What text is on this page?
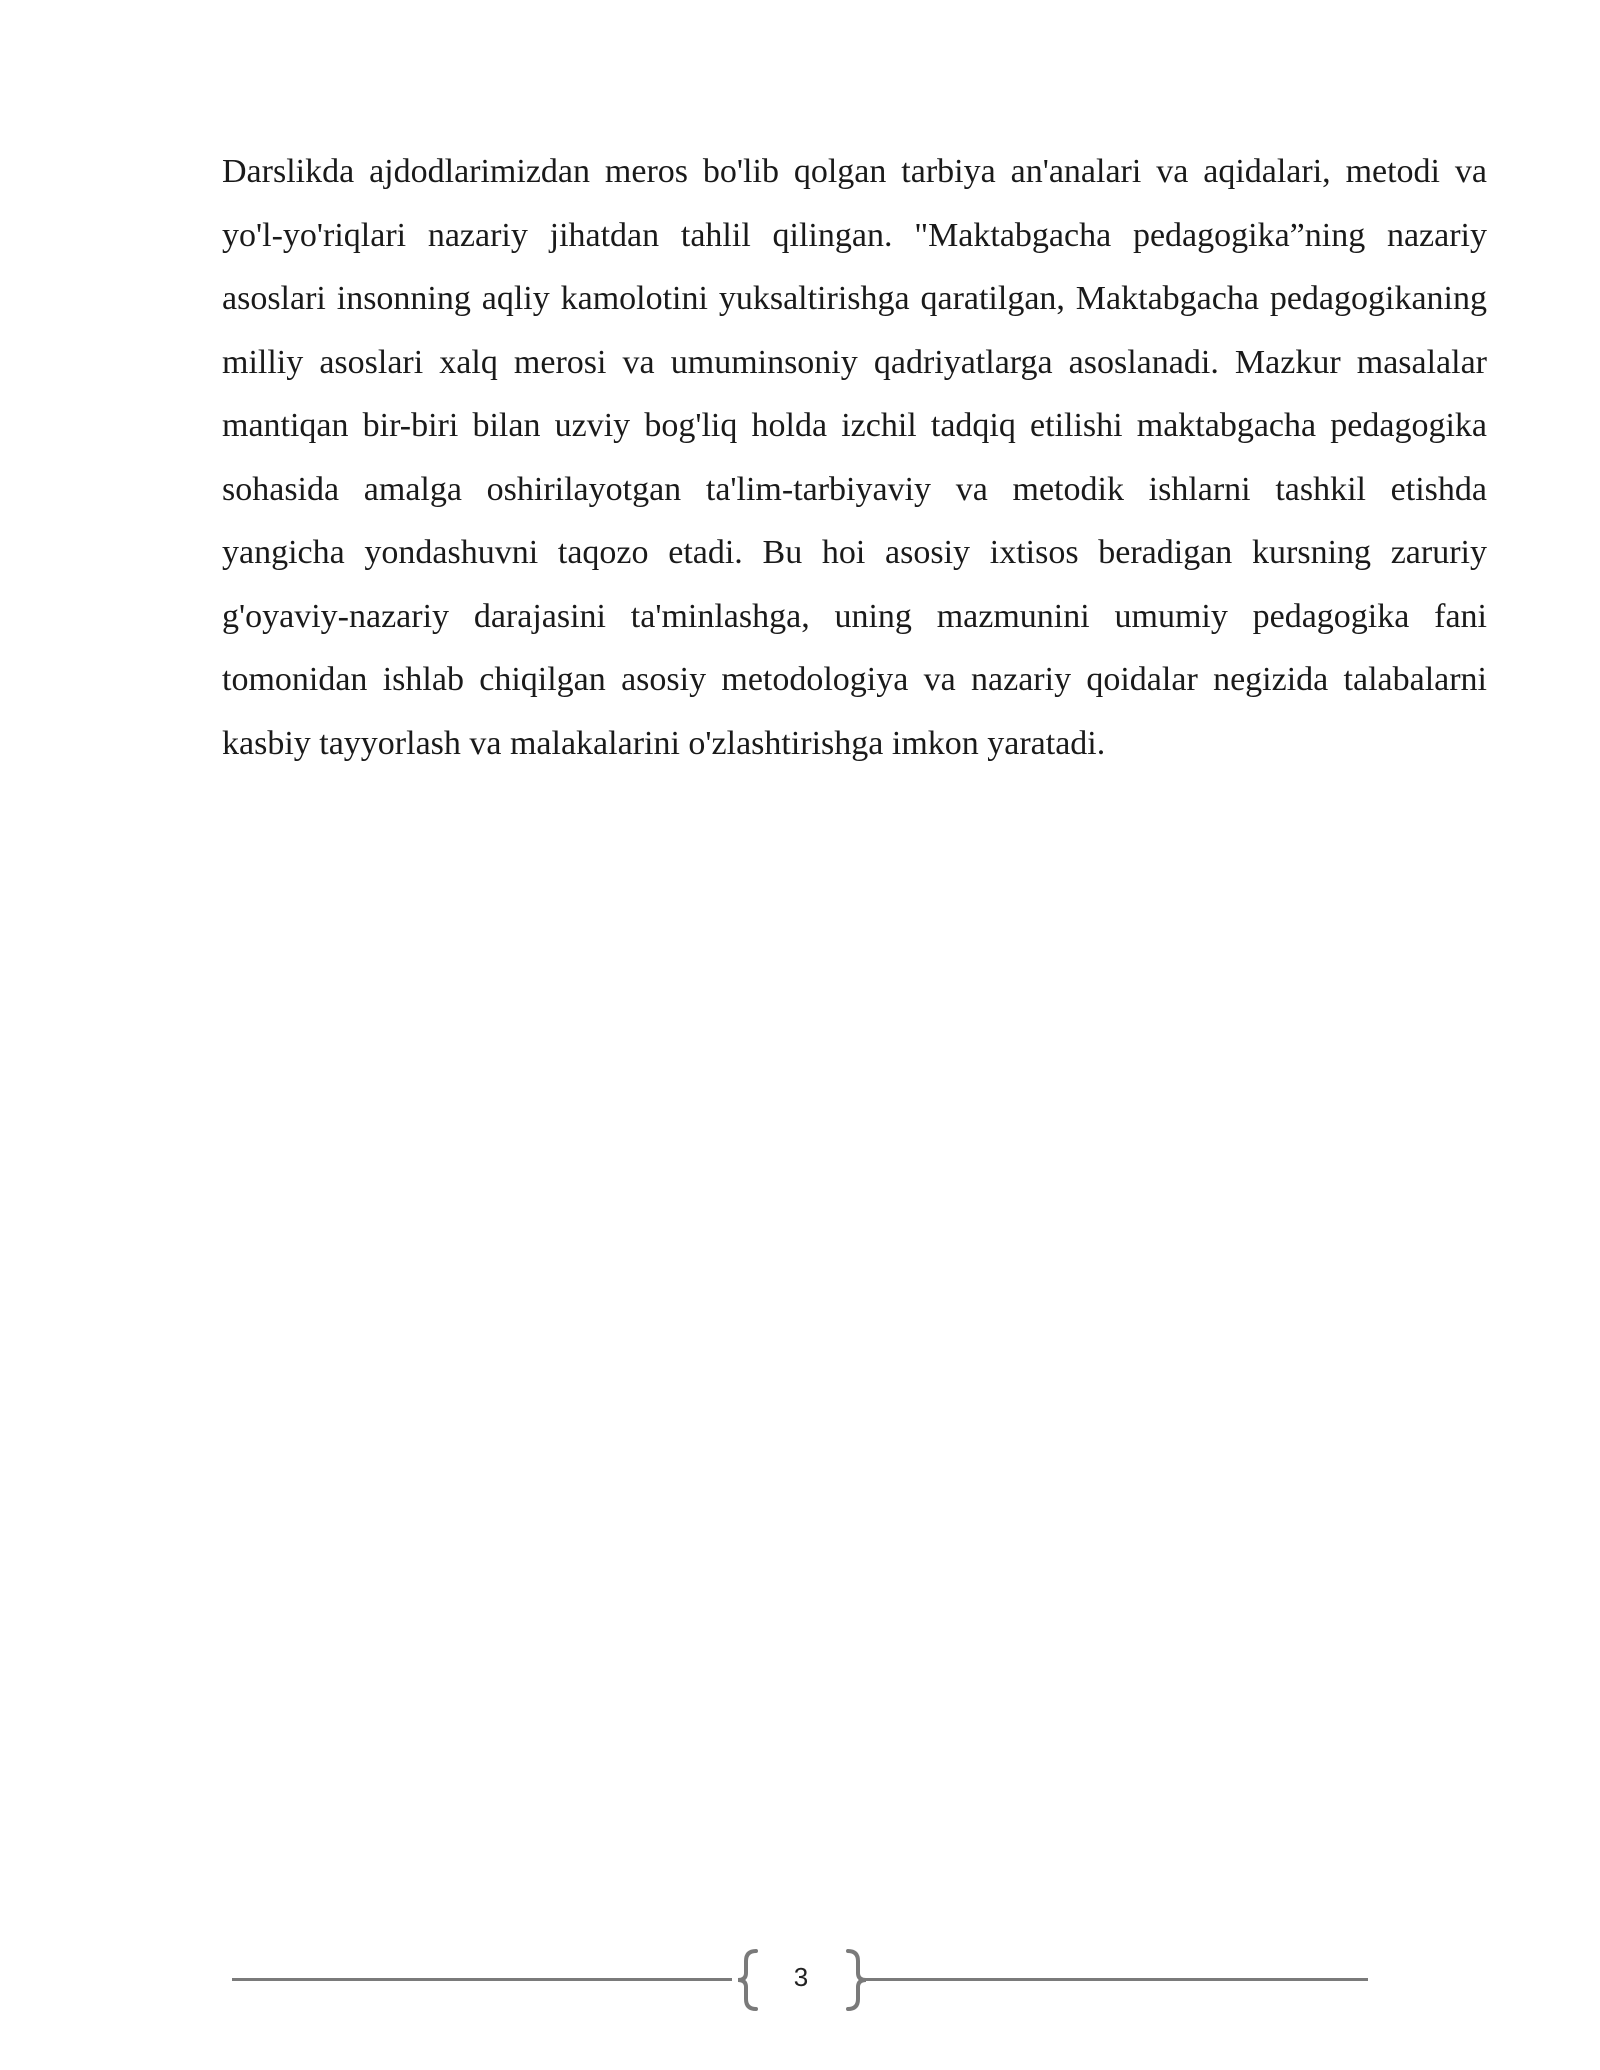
Darslikda ajdodlarimizdan meros bo'lib qolgan tarbiya an'analari va aqidalari, metodi va yo'l-yo'riqlari nazariy jihatdan tahlil qilingan. "Maktabgacha pedagogika”ning nazariy asoslari insonning aqliy kamolotini yuksaltirishga qaratilgan, Maktabgacha pedagogikaning milliy asoslari xalq merosi va umuminsoniy qadriyatlarga asoslanadi. Mazkur masalalar mantiqan bir-biri bilan uzviy bog'liq holda izchil tadqiq etilishi maktabgacha pedagogika sohasida amalga oshirilayotgan ta'lim-tarbiyaviy va metodik ishlarni tashkil etishda yangicha yondashuvni taqozo etadi. Bu hoi asosiy ixtisos beradigan kursning zaruriy g'oyaviy-nazariy darajasini ta'minlashga, uning mazmunini umumiy pedagogika fani tomonidan ishlab chiqilgan asosiy metodologiya va nazariy qoidalar negizida talabalarni kasbiy tayyorlash va malakalarini o'zlashtirishga imkon yaratadi.

3
